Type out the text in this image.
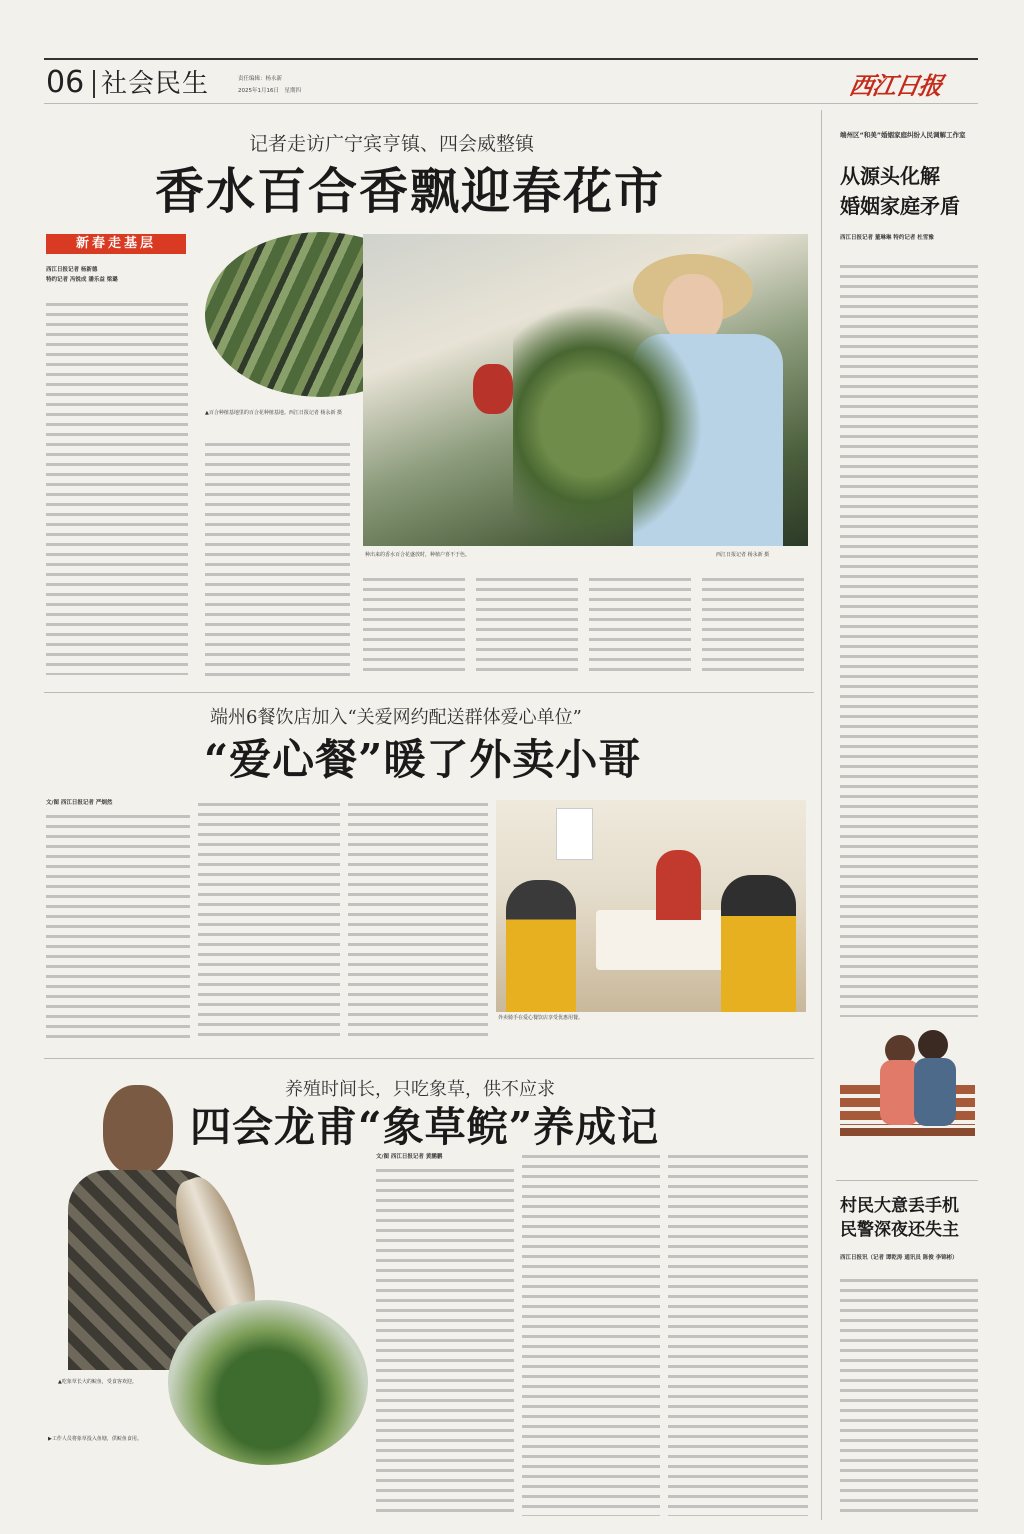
06 社会民生	责任编辑：杨永新
2025年1月16日　星期四	西江日报
记者走访广宁宾亨镇、四会威整镇
香水百合香飘迎春花市
新春走基层
西江日报记者 杨新德
特约记者 冯锐成 潘乐益 梁璐
▲百合种植基地里的百合花种植基地。西江日报记者 杨永新 摄
种出来的香水百合花盛放时，种植户喜不于色。	西江日报记者 杨永新 摄
端州6餐饮店加入“关爱网约配送群体爱心单位”
“爱心餐”暖了外卖小哥
文/图 西江日报记者 严炯然
外卖骑手在爱心餐饮店享受优惠用餐。
养殖时间长，只吃象草，供不应求
四会龙甫“象草鲩”养成记
▲吃象草长大的鲩鱼，受食客欢迎。
▶工作人员将象草投入鱼塘，供鲩鱼食用。
文/图 西江日报记者 黄鹏鹏
端州区“和美”婚姻家庭纠纷人民调解工作室
从源头化解
婚姻家庭矛盾
西江日报记者 董琳琳 特约记者 杜雪豫
村民大意丢手机
民警深夜还失主
西江日报讯（记者 谭乾涛 通讯员 陈俊 李锦彬）
